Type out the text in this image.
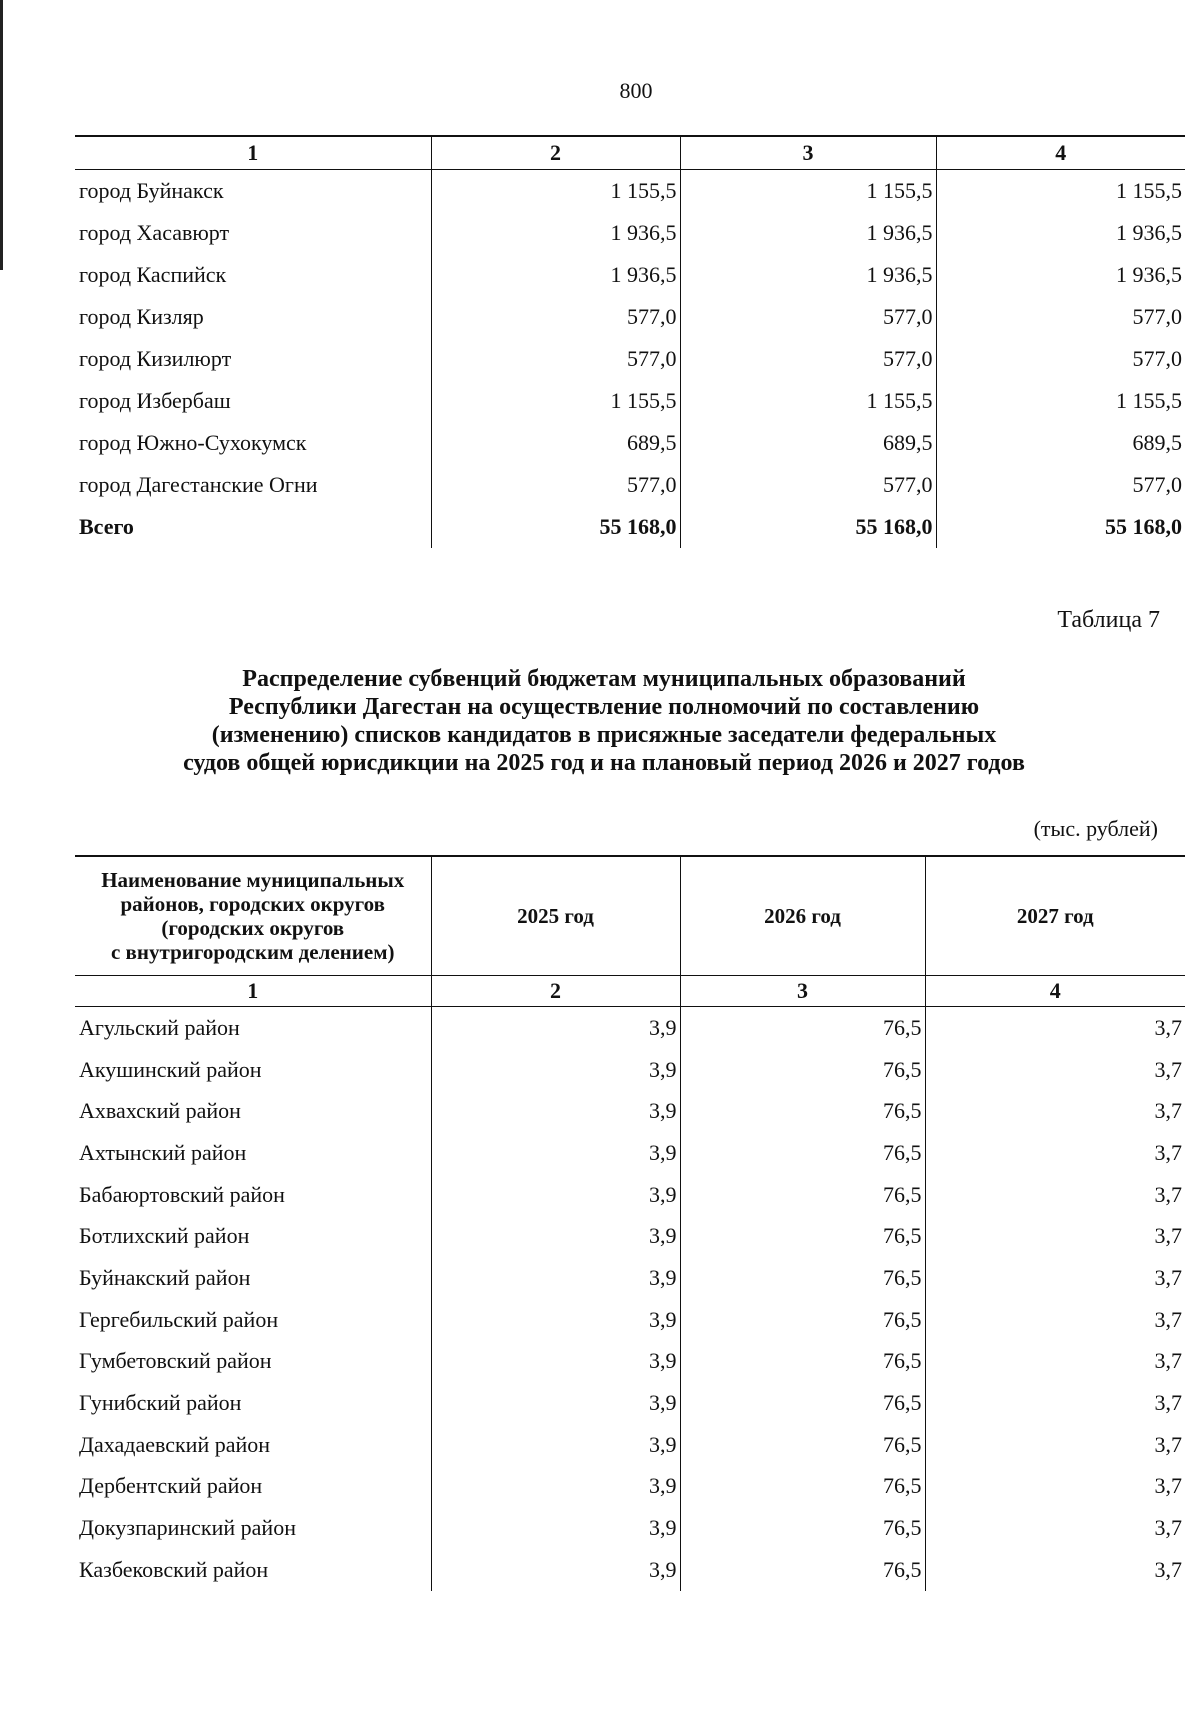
800
1	2	3	4
город Буйнакск	1 155,5	1 155,5	1 155,5
город Хасавюрт	1 936,5	1 936,5	1 936,5
город Каспийск	1 936,5	1 936,5	1 936,5
город Кизляр	577,0	577,0	577,0
город Кизилюрт	577,0	577,0	577,0
город Избербаш	1 155,5	1 155,5	1 155,5
город Южно-Сухокумск	689,5	689,5	689,5
город Дагестанские Огни	577,0	577,0	577,0
Всего	55 168,0	55 168,0	55 168,0
Таблица 7
Распределение субвенций бюджетам муниципальных образований
Республики Дагестан на осуществление полномочий по составлению
(изменению) списков кандидатов в присяжные заседатели федеральных
судов общей юрисдикции на 2025 год и на плановый период 2026 и 2027 годов
(тыс. рублей)
Наименование муниципальных
районов, городских округов
(городских округов
с внутригородским делением)	2025 год	2026 год	2027 год
1	2	3	4
Агульский район	3,9	76,5	3,7
Акушинский район	3,9	76,5	3,7
Ахвахский район	3,9	76,5	3,7
Ахтынский район	3,9	76,5	3,7
Бабаюртовский район	3,9	76,5	3,7
Ботлихский район	3,9	76,5	3,7
Буйнакский район	3,9	76,5	3,7
Гергебильский район	3,9	76,5	3,7
Гумбетовский район	3,9	76,5	3,7
Гунибский район	3,9	76,5	3,7
Дахадаевский район	3,9	76,5	3,7
Дербентский район	3,9	76,5	3,7
Докузпаринский район	3,9	76,5	3,7
Казбековский район	3,9	76,5	3,7
